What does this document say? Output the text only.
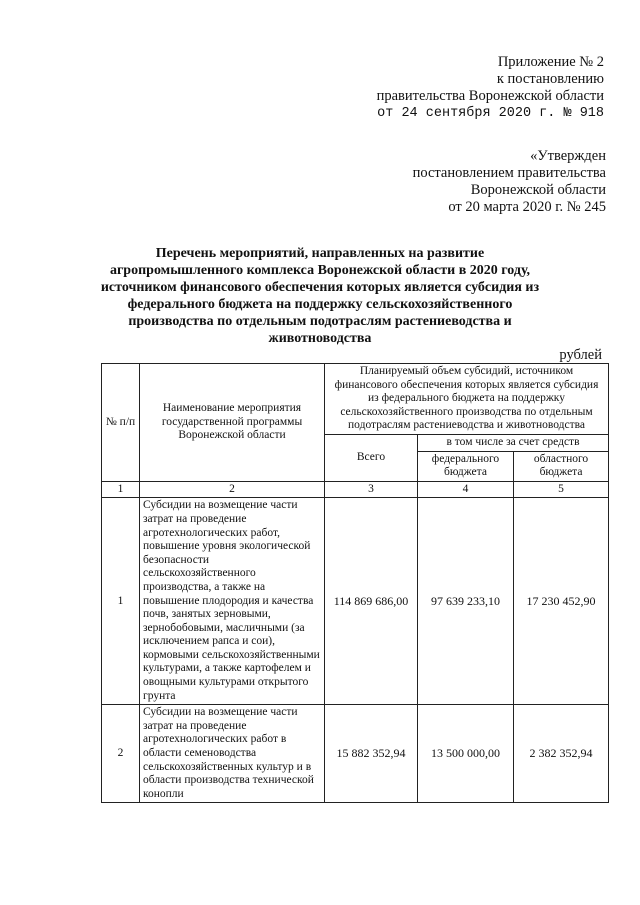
Приложение № 2
к постановлению
правительства Воронежской области
от 24 сентября 2020 г. № 918
«Утвержден
постановлением правительства
Воронежской области
от 20 марта 2020 г. № 245
Перечень мероприятий, направленных на развитие агропромышленного комплекса Воронежской области в 2020 году, источником финансового обеспечения которых является субсидия из федерального бюджета на поддержку сельскохозяйственного производства по отдельным подотраслям растениеводства и животноводства
рублей
№ п/п	Наименование мероприятия государственной программы Воронежской области	Планируемый объем субсидий, источником финансового обеспечения которых является субсидия из федерального бюджета на поддержку сельскохозяйственного производства по отдельным подотраслям растениеводства и животноводства		
		Всего	в том числе за счет средств	
			федерального бюджета	областного бюджета
1	2	3	4	5
1	Субсидии на возмещение части затрат на проведение агротехнологических работ, повышение уровня экологической безопасности сельскохозяйственного производства, а также на повышение плодородия и качества почв, занятых зерновыми, зернобобовыми, масличными (за исключением рапса и сои), кормовыми сельскохозяйственными культурами, а также картофелем и овощными культурами открытого грунта	114 869 686,00	97 639 233,10	17 230 452,90
2	Субсидии на возмещение части затрат на проведение агротехнологических работ в области семеноводства сельскохозяйственных культур и в области производства технической конопли	15 882 352,94	13 500 000,00	2 382 352,94
